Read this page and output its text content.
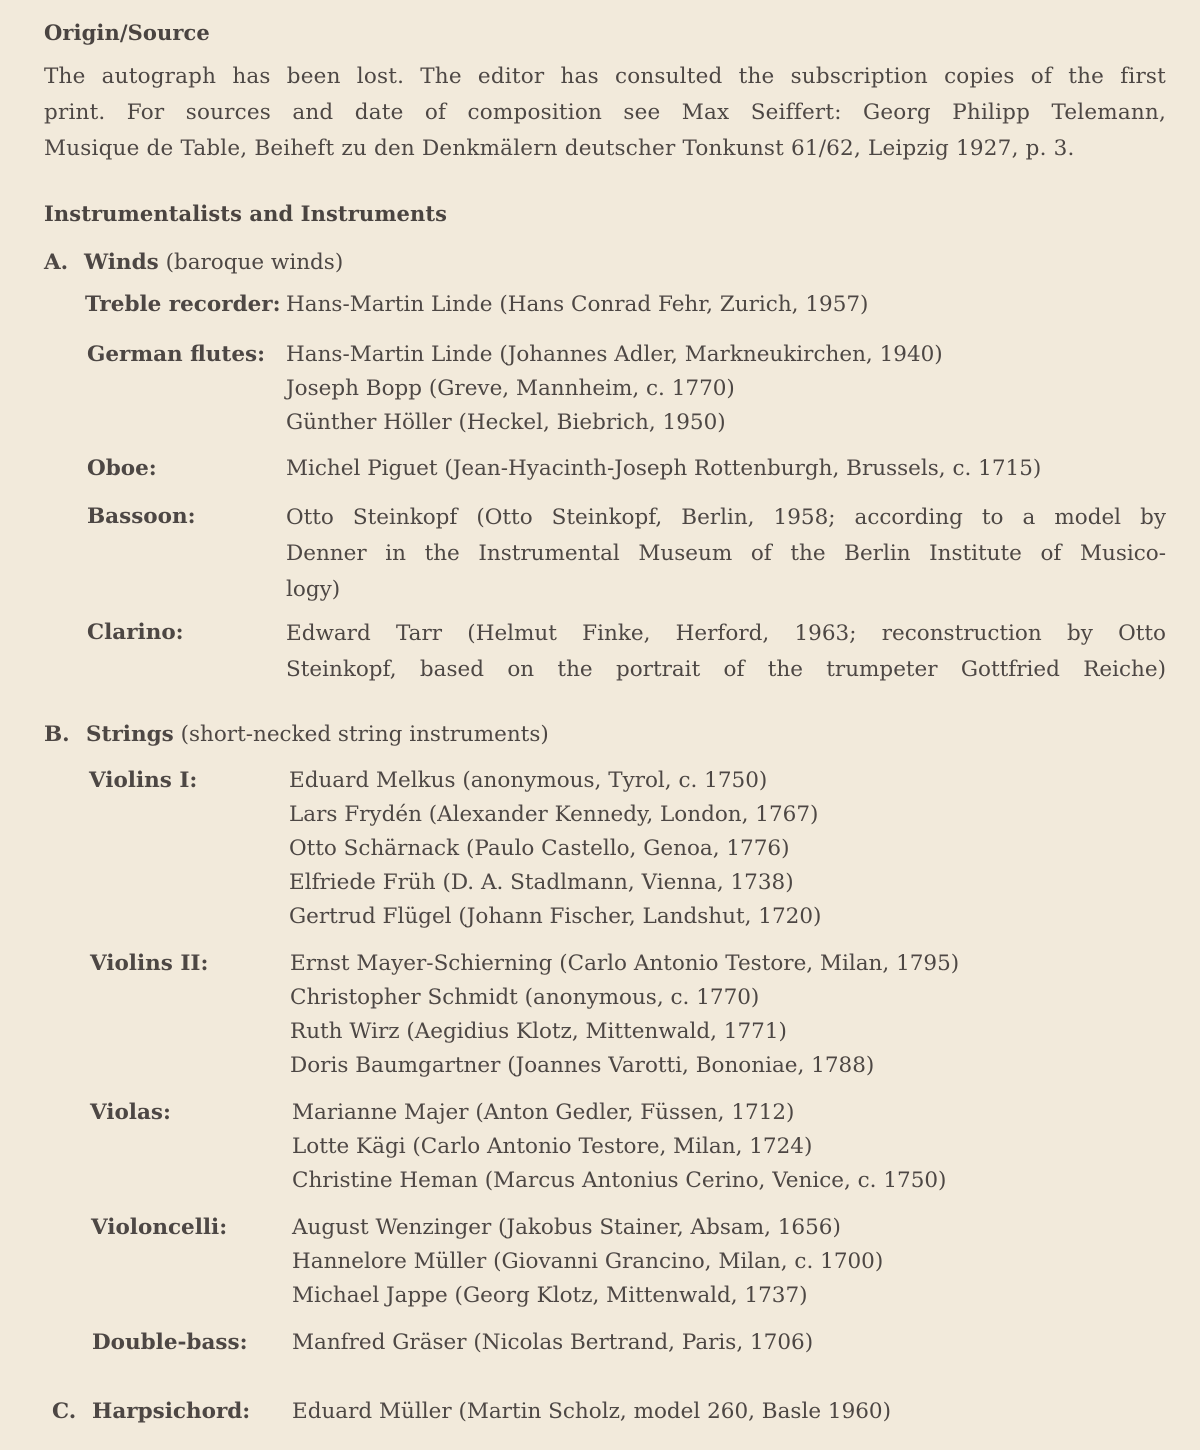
Origin/Source
The autograph has been lost. The editor has consulted the subscription copies of the first
print. For sources and date of composition see Max Seiffert: Georg Philipp Telemann,
Musique de Table, Beiheft zu den Denkmälern deutscher Tonkunst 61/62, Leipzig 1927, p. 3.
Instrumentalists and Instruments
A. Winds (baroque winds)
Treble recorder: Hans-Martin Linde (Hans Conrad Fehr, Zurich, 1957)
German flutes: Hans-Martin Linde (Johannes Adler, Markneukirchen, 1940)
Joseph Bopp (Greve, Mannheim, c. 1770)
Günther Höller (Heckel, Biebrich, 1950)
Oboe:	Michel Piguet (Jean-Hyacinth-Joseph Rottenburgh, Brussels, c. 1715)
Bassoon:	Otto Steinkopf (Otto Steinkopf, Berlin, 1958; according to a model by
Denner in the Instrumental Museum of the Berlin Institute of Musico-
logy)
Clarino:	Edward Tarr (Helmut Finke, Herford, 1963; reconstruction by Otto
Steinkopf, based on the portrait of the trumpeter Gottfried Reiche)
B. Strings (short-necked string instruments)
Violins I:	Eduard Melkus (anonymous, Tyrol, c. 1750)
Lars Frydén (Alexander Kennedy, London, 1767)
Otto Schärnack (Paulo Castello, Genoa, 1776)
Elfriede Früh (D. A. Stadlmann, Vienna, 1738)
Gertrud Flügel (Johann Fischer, Landshut, 1720)
Violins II:	Ernst Mayer-Schierning (Carlo Antonio Testore, Milan, 1795)
Christopher Schmidt (anonymous, c. 1770)
Ruth Wirz (Aegidius Klotz, Mittenwald, 1771)
Doris Baumgartner (Joannes Varotti, Bononiae, 1788)
Violas:	Marianne Majer (Anton Gedler, Füssen, 1712)
Lotte Kägi (Carlo Antonio Testore, Milan, 1724)
Christine Heman (Marcus Antonius Cerino, Venice, c. 1750)
Violoncelli:	August Wenzinger (Jakobus Stainer, Absam, 1656)
Hannelore Müller (Giovanni Grancino, Milan, c. 1700)
Michael Jappe (Georg Klotz, Mittenwald, 1737)
Double-bass: Manfred Gräser (Nicolas Bertrand, Paris, 1706)
C. Harpsichord: Eduard Müller (Martin Scholz, model 260, Basle 1960)
